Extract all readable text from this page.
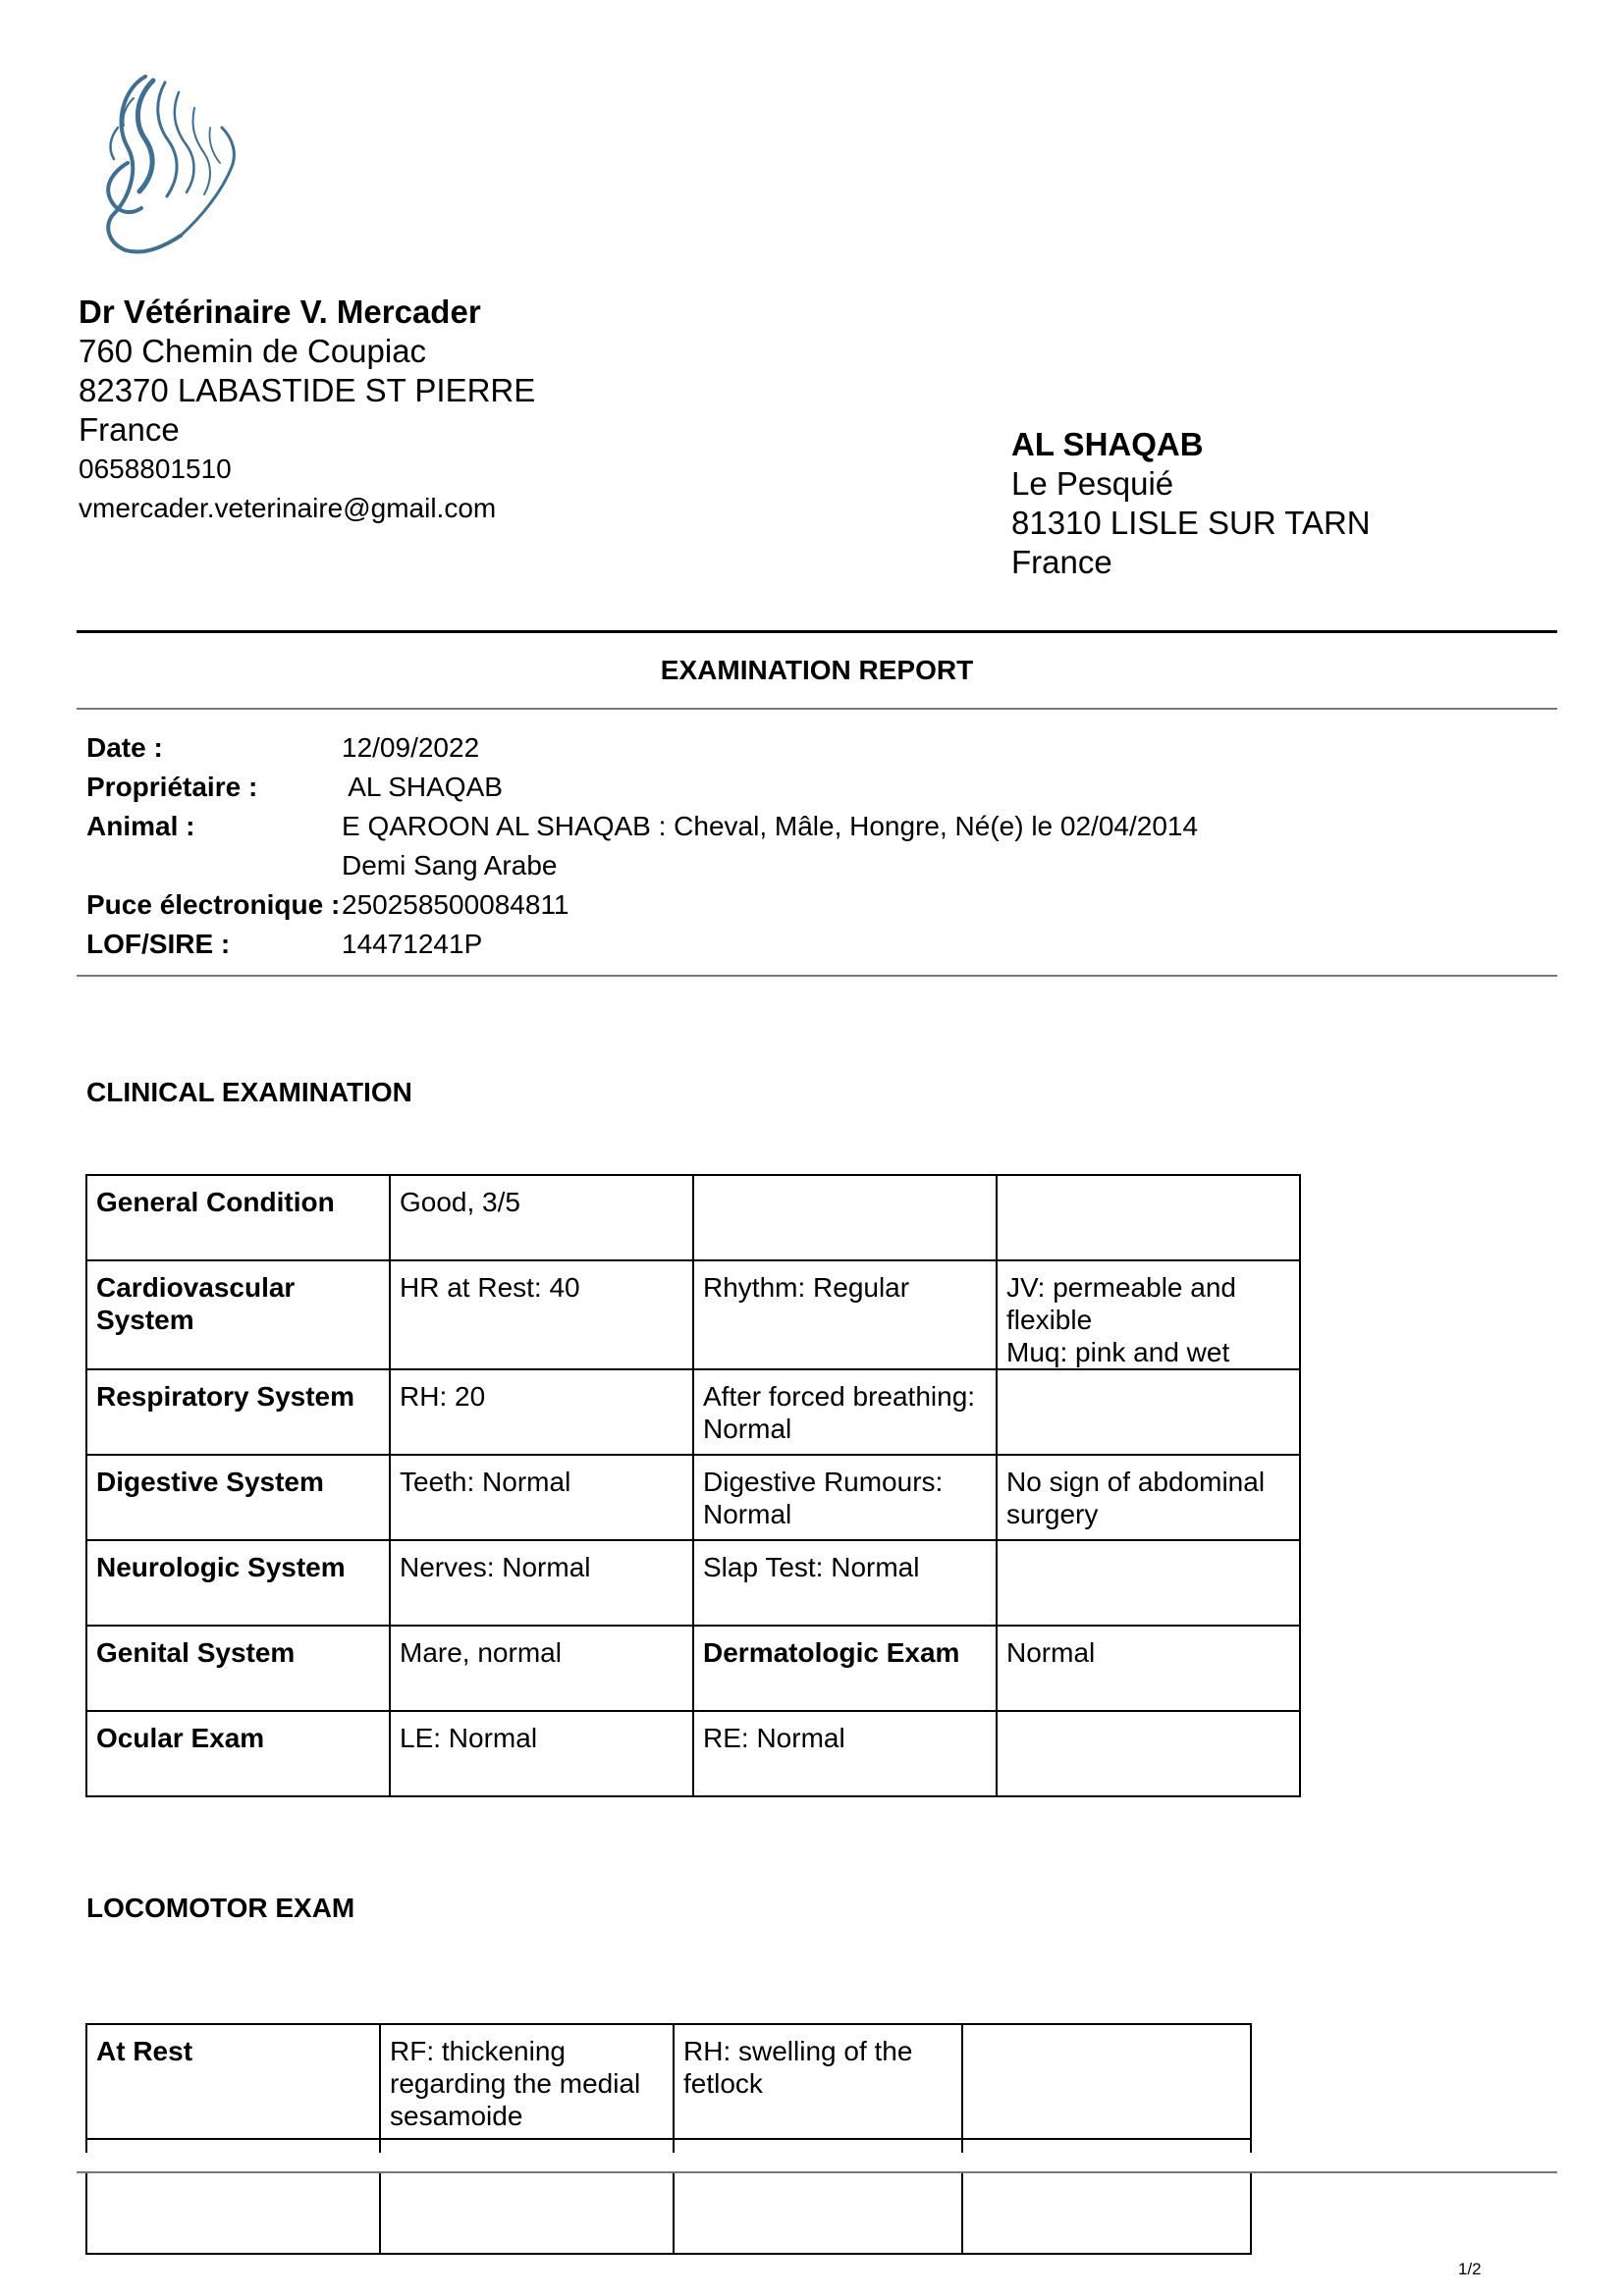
Dr Vétérinaire V. Mercader
760 Chemin de Coupiac
82370 LABASTIDE ST PIERRE
France
0658801510
vmercader.veterinaire@gmail.com
AL SHAQAB
Le Pesquié
81310 LISLE SUR TARN
France
EXAMINATION REPORT
Date :	12/09/2022
Propriétaire :	AL SHAQAB
Animal :	E QAROON AL SHAQAB : Cheval, Mâle, Hongre, Né(e) le 02/04/2014
Demi Sang Arabe
Puce électronique : 250258500084811
LOF/SIRE :	14471241P
CLINICAL EXAMINATION
General Condition	Good, 3/5		
Cardiovascular System	HR at Rest: 40	Rhythm: Regular	JV: permeable and flexible
Muq: pink and wet
Respiratory System	RH: 20	After forced breathing: Normal	
Digestive System	Teeth: Normal	Digestive Rumours: Normal	No sign of abdominal surgery
Neurologic System	Nerves: Normal	Slap Test: Normal	
Genital System	Mare, normal	Dermatologic Exam	Normal
Ocular Exam	LE: Normal	RE: Normal	
LOCOMOTOR EXAM
At Rest	RF: thickening regarding the medial sesamoide	RH: swelling of the fetlock	

1/2
